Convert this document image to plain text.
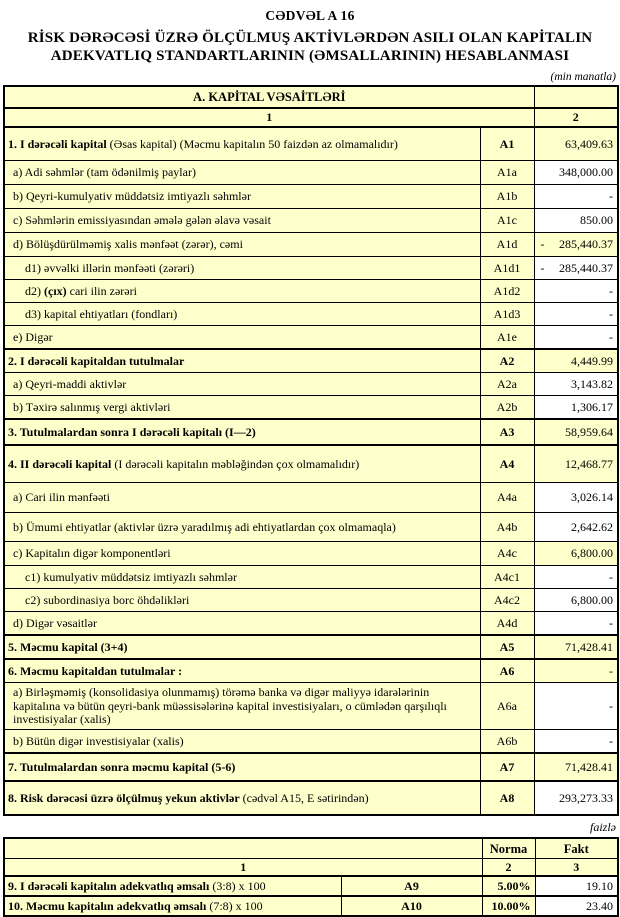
CƏDVƏL A 16
RİSK DƏRƏCƏSİ ÜZRƏ ÖLÇÜLMUŞ AKTİVLƏRDƏN ASILI OLAN KAPİTALIN
ADEKVATLIQ STANDARTLARININ (ƏMSALLARININ) HESABLANMASI
(min manatla)
A. KAPİTAL VƏSAİTLƏRİ		
1		2
1. I dərəcəli kapital (Əsas kapital) (Məcmu kapitalın 50 faizdən az olmamalıdır)	A1	63,409.63
a) Adi səhmlər (tam ödənilmiş paylar)	A1a	348,000.00
b) Qeyri-kumulyativ müddətsiz imtiyazlı səhmlər	A1b	-
c) Səhmlərin emissiyasından əmələ gələn əlavə vəsait	A1c	850.00
d) Bölüşdürülməmiş xalis mənfəət (zərər), cəmi	A1d	- 285,440.37
d1) əvvəlki illərin mənfəəti (zərəri)	A1d1	- 285,440.37
d2) (çıx) cari ilin zərəri	A1d2	-
d3) kapital ehtiyatları (fondları)	A1d3	-
e) Digər	A1e	-
2. I dərəcəli kapitaldan tutulmalar	A2	4,449.99
a) Qeyri-maddi aktivlər	A2a	3,143.82
b) Təxirə salınmış vergi aktivləri	A2b	1,306.17
3. Tutulmalardan sonra I dərəcəli kapitalı (I—2)	A3	58,959.64
4. II dərəcəli kapital (I dərəcəli kapitalın məbləğindən çox olmamalıdır)	A4	12,468.77
a) Cari ilin mənfəəti	A4a	3,026.14
b) Ümumi ehtiyatlar (aktivlər üzrə yaradılmış adi ehtiyatlardan çox olmamaqla)	A4b	2,642.62
c) Kapitalın digər komponentləri	A4c	6,800.00
c1) kumulyativ müddətsiz imtiyazlı səhmlər	A4c1	-
c2) subordinasiya borc öhdəlikləri	A4c2	6,800.00
d) Digər vəsaitlər	A4d	-
5. Məcmu kapital (3+4)	A5	71,428.41
6. Məcmu kapitaldan tutulmalar :	A6	-
a) Birləşməmiş (konsolidasiya olunmamış) törəmə banka və digər maliyyə idarələrinin kapitalına və bütün qeyri-bank müəssisələrinə kapital investisiyaları, o cümlədən qarşılıqlı investisiyalar (xalis)	A6a	-
b) Bütün digər investisiyalar (xalis)	A6b	-
7. Tutulmalardan sonra məcmu kapital (5-6)	A7	71,428.41
8. Risk dərəcəsi üzrə ölçülmuş yekun aktivlər (cədvəl A15, E sətirindən)	A8	293,273.33
faizlə
		Norma	Fakt
1		2	3
9. I dərəcəli kapitalın adekvatlıq əmsalı (3:8) x 100	A9	5.00%	19.10
10. Məcmu kapitalın adekvatlıq əmsalı (7:8) x 100	A10	10.00%	23.40
